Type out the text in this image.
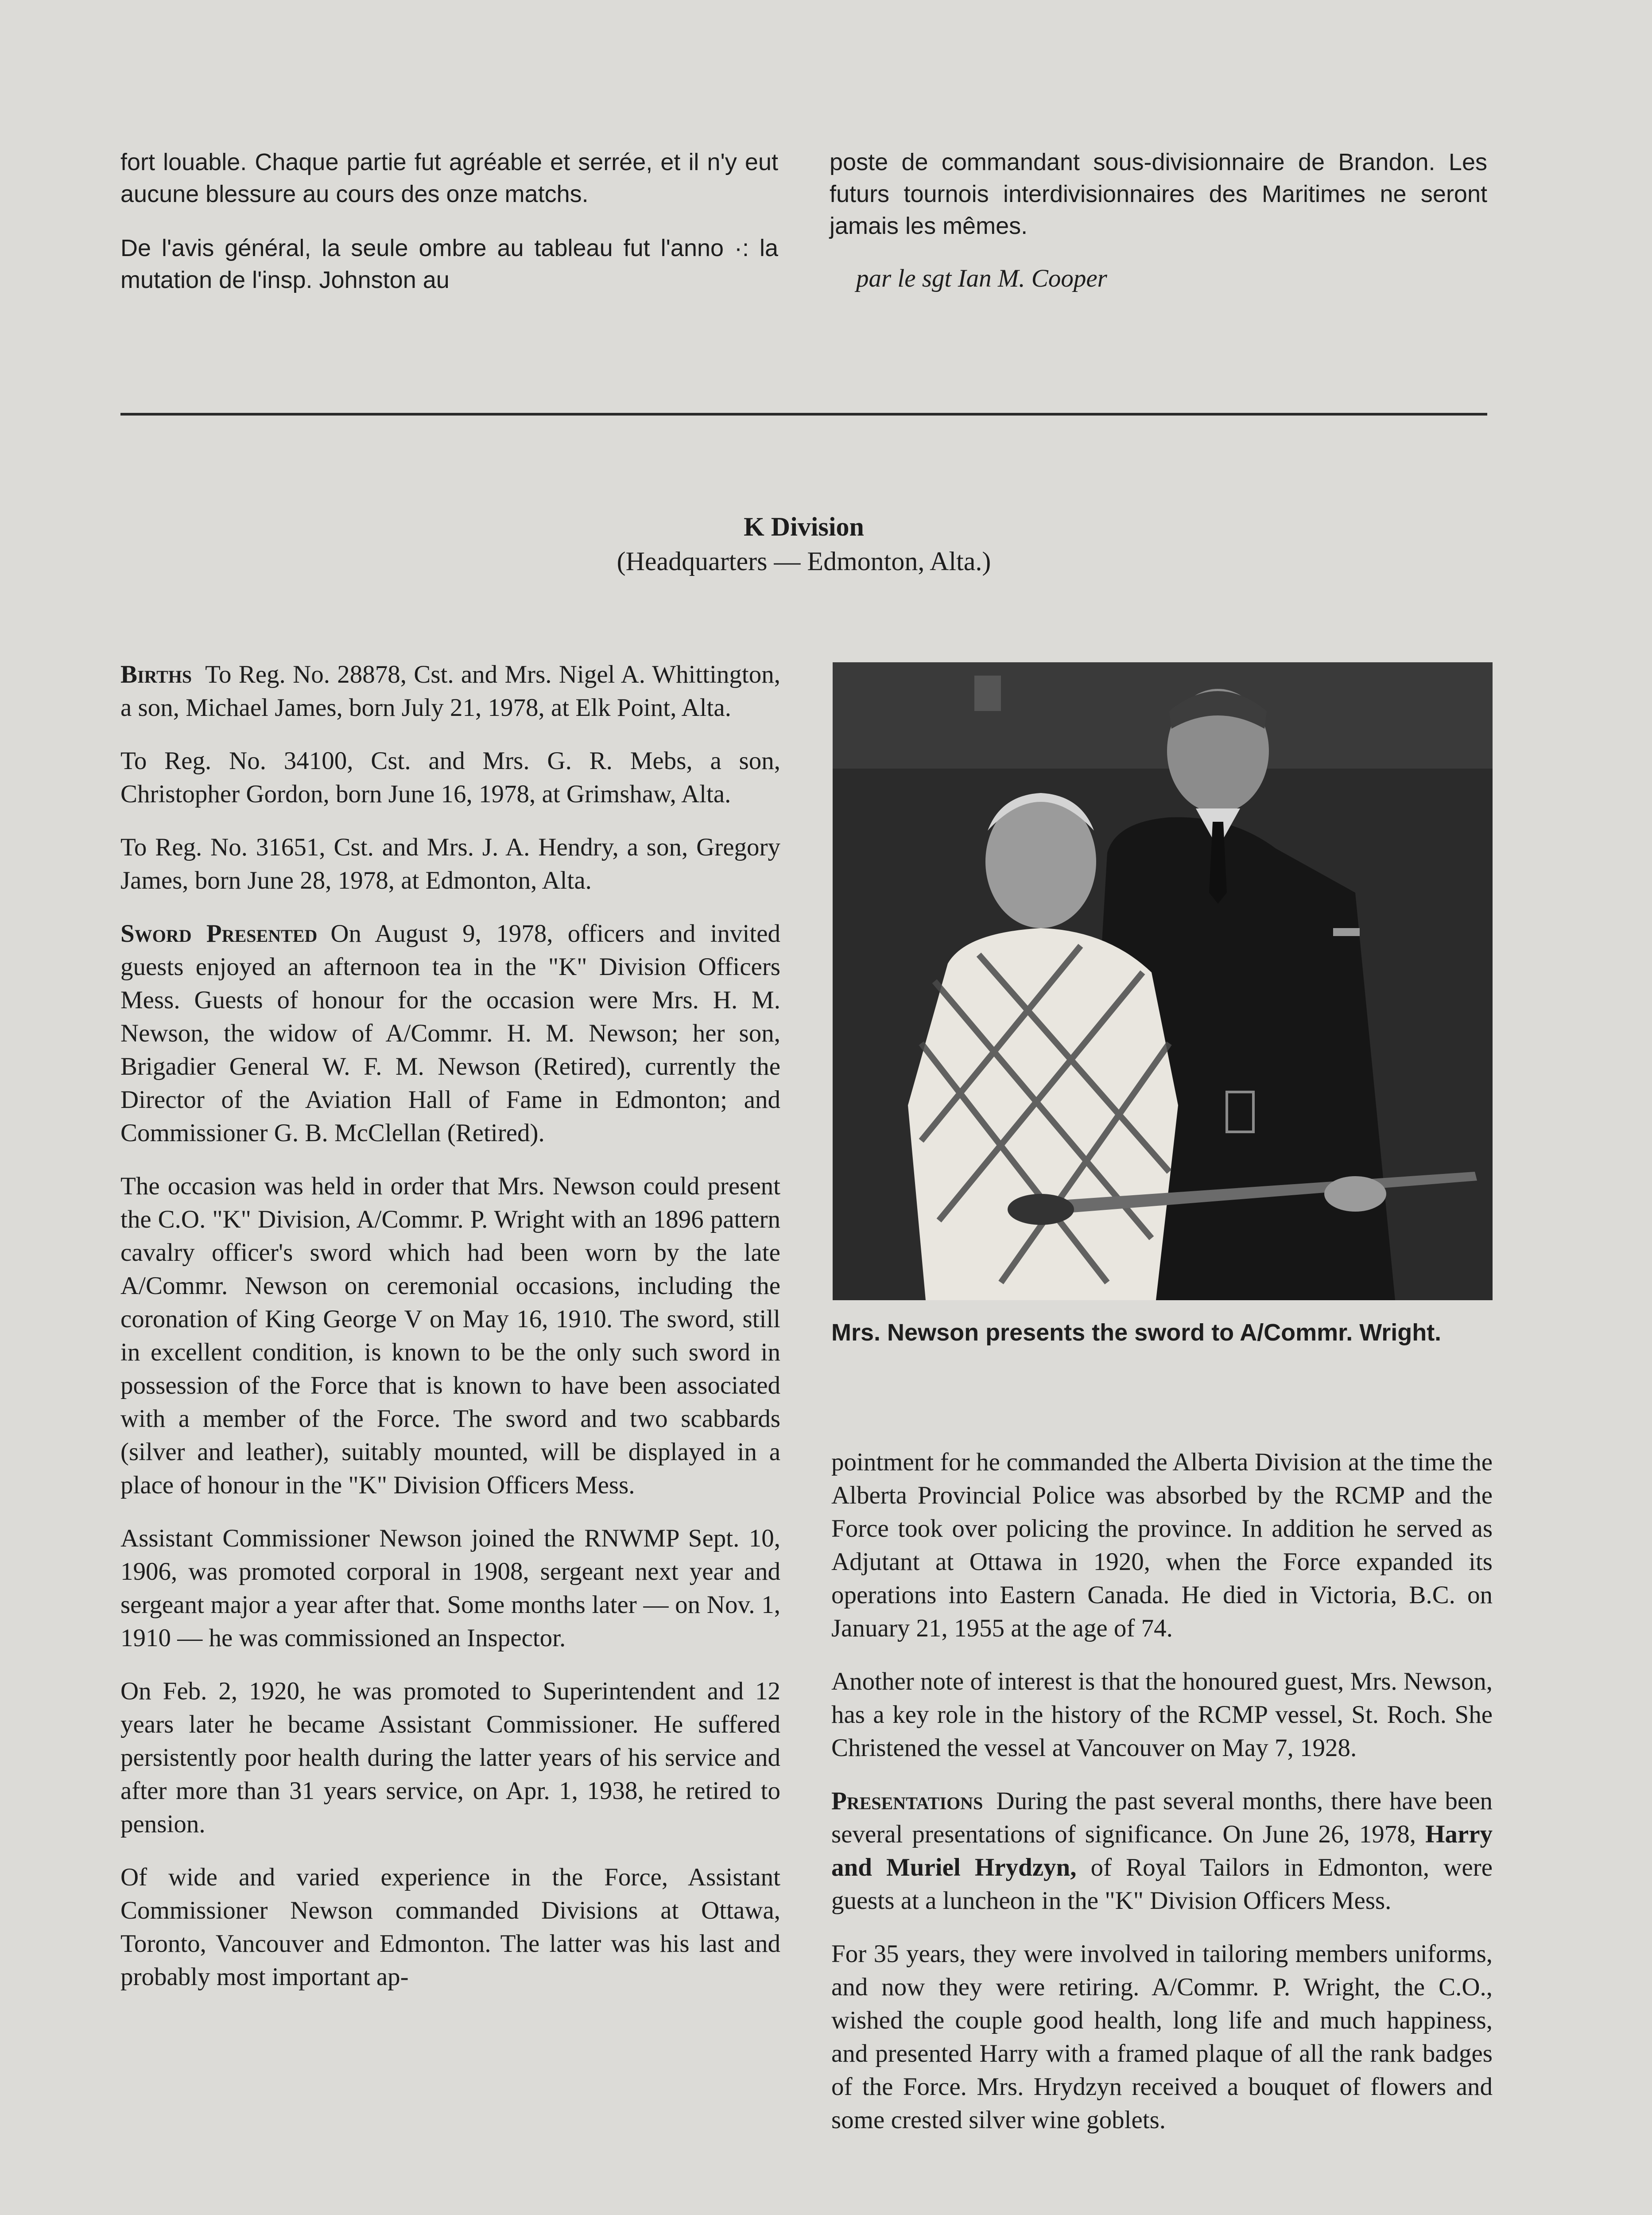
fort louable. Chaque partie fut agréable et serrée, et il n'y eut aucune blessure au cours des onze matchs.

De l'avis général, la seule ombre au tableau fut l'anno ·: la mutation de l'insp. Johnston au

poste de commandant sous-divisionnaire de Brandon. Les futurs tournois interdivisionnaires des Maritimes ne seront jamais les mêmes.

par le sgt Ian M. Cooper

K Division
(Headquarters — Edmonton, Alta.)

Births To Reg. No. 28878, Cst. and Mrs. Nigel A. Whittington, a son, Michael James, born July 21, 1978, at Elk Point, Alta.

To Reg. No. 34100, Cst. and Mrs. G. R. Mebs, a son, Christopher Gordon, born June 16, 1978, at Grimshaw, Alta.

To Reg. No. 31651, Cst. and Mrs. J. A. Hendry, a son, Gregory James, born June 28, 1978, at Edmonton, Alta.

Sword Presented On August 9, 1978, officers and invited guests enjoyed an afternoon tea in the "K" Division Officers Mess. Guests of honour for the occasion were Mrs. H. M. Newson, the widow of A/Commr. H. M. Newson; her son, Brigadier General W. F. M. Newson (Retired), currently the Director of the Aviation Hall of Fame in Edmonton; and Commissioner G. B. McClellan (Retired).

The occasion was held in order that Mrs. Newson could present the C.O. "K" Division, A/Commr. P. Wright with an 1896 pattern cavalry officer's sword which had been worn by the late A/Commr. Newson on ceremonial occasions, including the coronation of King George V on May 16, 1910. The sword, still in excellent condition, is known to be the only such sword in possession of the Force that is known to have been associated with a member of the Force. The sword and two scabbards (silver and leather), suitably mounted, will be displayed in a place of honour in the "K" Division Officers Mess.

Assistant Commissioner Newson joined the RNWMP Sept. 10, 1906, was promoted corporal in 1908, sergeant next year and sergeant major a year after that. Some months later — on Nov. 1, 1910 — he was commissioned an Inspector.

On Feb. 2, 1920, he was promoted to Superintendent and 12 years later he became Assistant Commissioner. He suffered persistently poor health during the latter years of his service and after more than 31 years service, on Apr. 1, 1938, he retired to pension.

Of wide and varied experience in the Force, Assistant Commissioner Newson commanded Divisions at Ottawa, Toronto, Vancouver and Edmonton. The latter was his last and probably most important ap-

Mrs. Newson presents the sword to A/Commr. Wright.

pointment for he commanded the Alberta Division at the time the Alberta Provincial Police was absorbed by the RCMP and the Force took over policing the province. In addition he served as Adjutant at Ottawa in 1920, when the Force expanded its operations into Eastern Canada. He died in Victoria, B.C. on January 21, 1955 at the age of 74.

Another note of interest is that the honoured guest, Mrs. Newson, has a key role in the history of the RCMP vessel, St. Roch. She Christened the vessel at Vancouver on May 7, 1928.

Presentations During the past several months, there have been several presentations of significance. On June 26, 1978, Harry and Muriel Hrydzyn, of Royal Tailors in Edmonton, were guests at a luncheon in the "K" Division Officers Mess.

For 35 years, they were involved in tailoring members uniforms, and now they were retiring. A/Commr. P. Wright, the C.O., wished the couple good health, long life and much happiness, and presented Harry with a framed plaque of all the rank badges of the Force. Mrs. Hrydzyn received a bouquet of flowers and some crested silver wine goblets.
